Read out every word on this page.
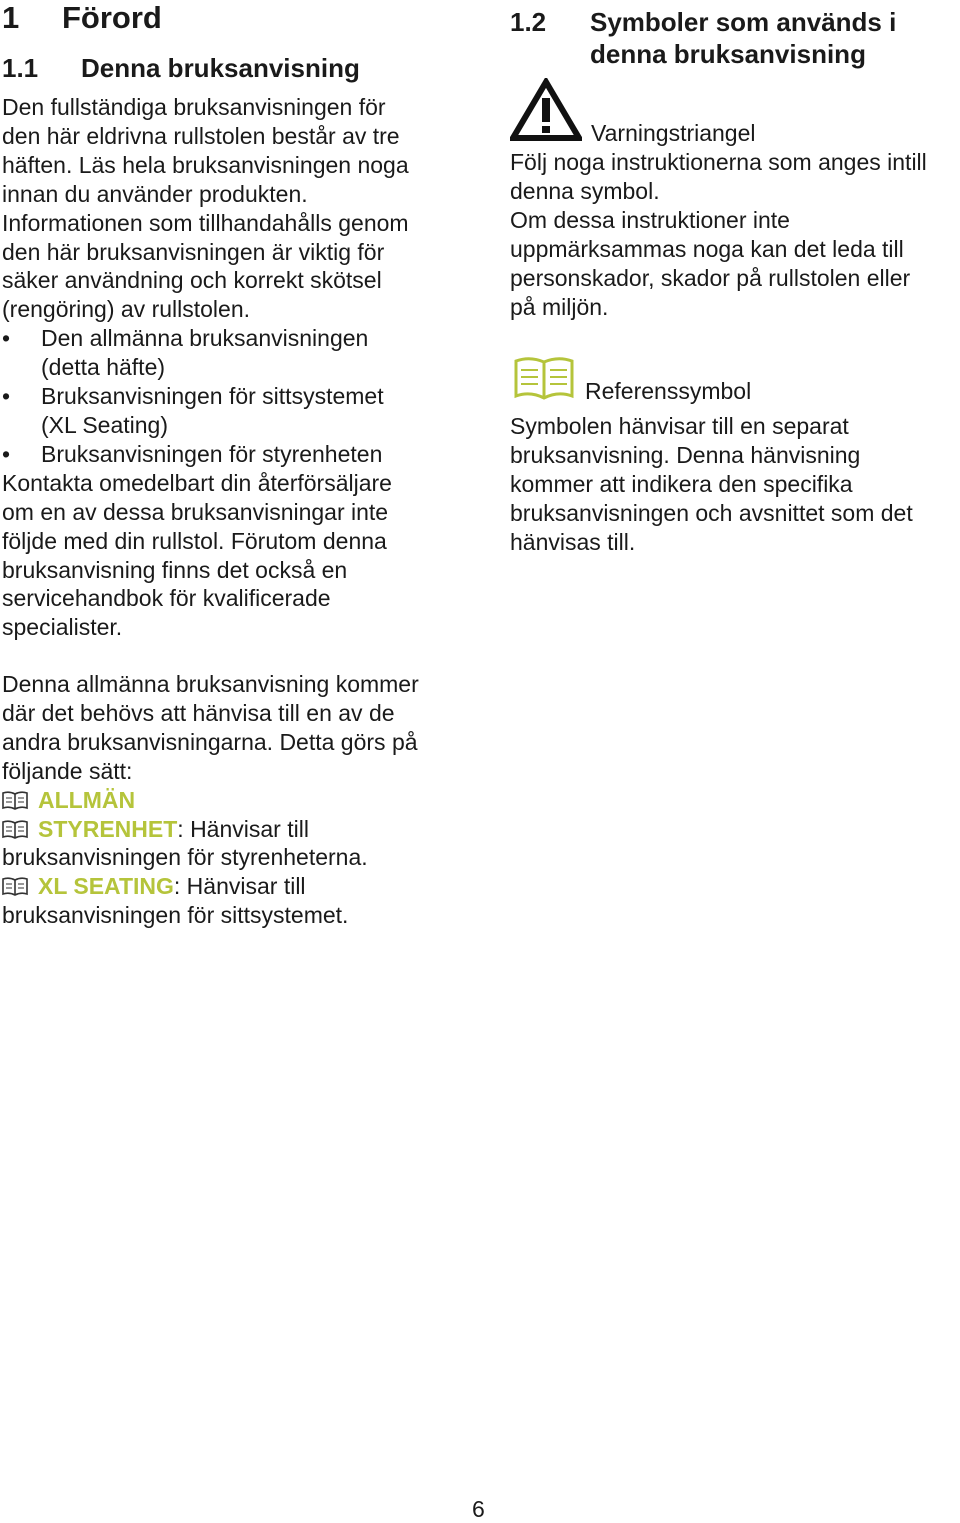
1 Förord
1.1 Denna bruksanvisning

Den fullständiga bruksanvisningen för

den här eldrivna rullstolen består av tre

häften. Läs hela bruksanvisningen noga

innan du använder produkten.

Informationen som tillhandahålls genom

den här bruksanvisningen är viktig för

säker användning och korrekt skötsel

(rengöring) av rullstolen.

• Den allmänna bruksanvisningen
(detta häfte)
• Bruksanvisningen för sittsystemet
(XL Seating)
• Bruksanvisningen för styrenheten

Kontakta omedelbart din återförsäljare

om en av dessa bruksanvisningar inte

följde med din rullstol. Förutom denna

bruksanvisning finns det också en

servicehandbok för kvalificerade

specialister.

Denna allmänna bruksanvisning kommer

där det behövs att hänvisa till en av de

andra bruksanvisningarna. Detta görs på

följande sätt:

ALLMÄN

STYRENHET: Hänvisar till

bruksanvisningen för styrenheterna.

XL SEATING: Hänvisar till

bruksanvisningen för sittsystemet.

1.2 Symboler som används i
denna bruksanvisning
Varningstriangel

Följ noga instruktionerna som anges intill

denna symbol.

Om dessa instruktioner inte

uppmärksammas noga kan det leda till

personskador, skador på rullstolen eller

på miljön.

Referenssymbol

Symbolen hänvisar till en separat

bruksanvisning. Denna hänvisning

kommer att indikera den specifika

bruksanvisningen och avsnittet som det

hänvisas till.

6
